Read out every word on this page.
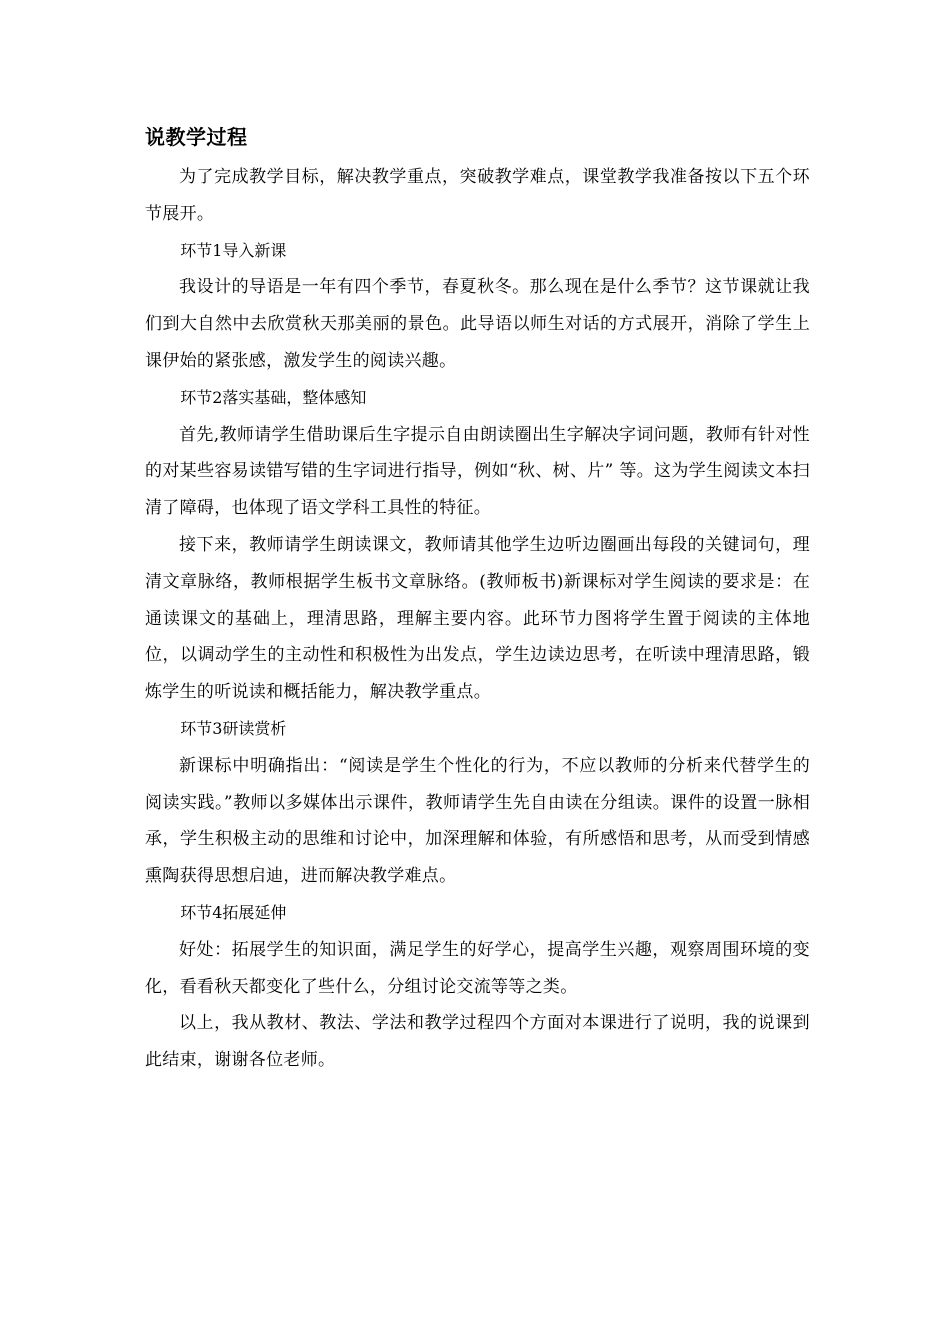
说教学过程

为了完成教学目标，解决教学重点，突破教学难点，课堂教学我准备按以下五个环节展开。

环节1导入新课

我设计的导语是一年有四个季节，春夏秋冬。那么现在是什么季节？这节课就让我们到大自然中去欣赏秋天那美丽的景色。此导语以师生对话的方式展开，消除了学生上课伊始的紧张感，激发学生的阅读兴趣。

环节2落实基础，整体感知

首先,教师请学生借助课后生字提示自由朗读圈出生字解决字词问题，教师有针对性的对某些容易读错写错的生字词进行指导，例如“秋、树、片” 等。这为学生阅读文本扫清了障碍，也体现了语文学科工具性的特征。

接下来，教师请学生朗读课文，教师请其他学生边听边圈画出每段的关键词句，理清文章脉络，教师根据学生板书文章脉络。(教师板书)新课标对学生阅读的要求是：在通读课文的基础上，理清思路，理解主要内容。此环节力图将学生置于阅读的主体地位，以调动学生的主动性和积极性为出发点，学生边读边思考，在听读中理清思路，锻炼学生的听说读和概括能力，解决教学重点。

环节3研读赏析

新课标中明确指出：“阅读是学生个性化的行为，不应以教师的分析来代替学生的阅读实践。”教师以多媒体出示课件，教师请学生先自由读在分组读。课件的设置一脉相承，学生积极主动的思维和讨论中，加深理解和体验，有所感悟和思考，从而受到情感熏陶获得思想启迪，进而解决教学难点。

环节4拓展延伸

好处：拓展学生的知识面，满足学生的好学心，提高学生兴趣，观察周围环境的变化，看看秋天都变化了些什么，分组讨论交流等等之类。

以上，我从教材、教法、学法和教学过程四个方面对本课进行了说明，我的说课到此结束，谢谢各位老师。
